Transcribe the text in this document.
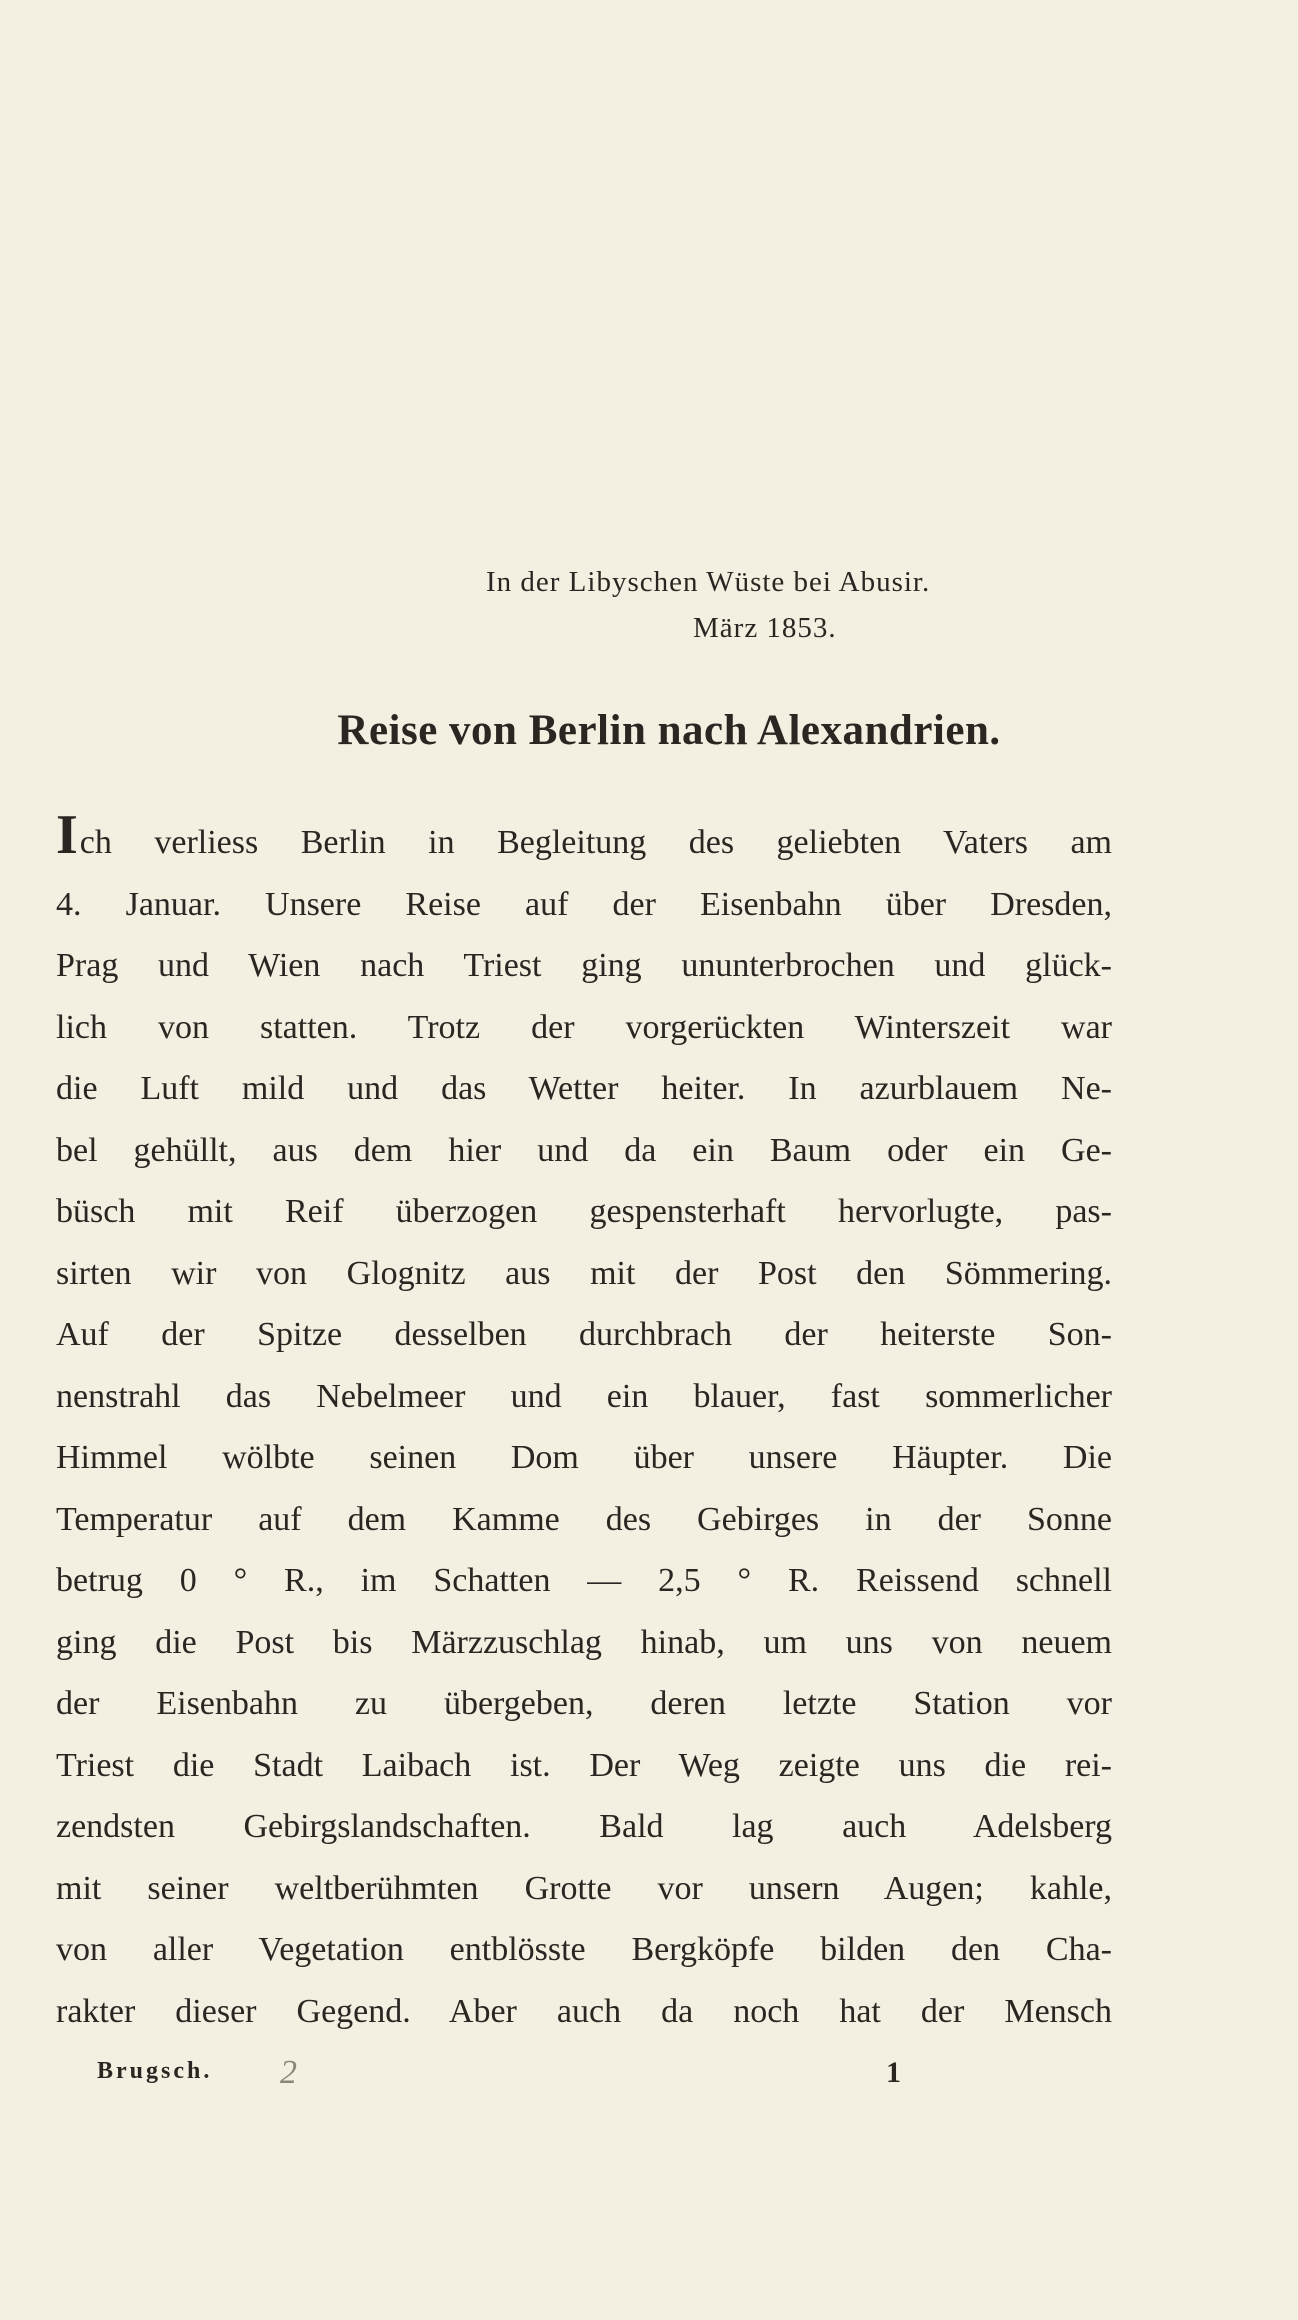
In der Libyschen Wüste bei Abusir.
März 1853.
Reise von Berlin nach Alexandrien.
Ich verliess Berlin in Begleitung des geliebten Vaters am
4. Januar. Unsere Reise auf der Eisenbahn über Dresden,
Prag und Wien nach Triest ging ununterbrochen und glück-
lich von statten. Trotz der vorgerückten Winterszeit war
die Luft mild und das Wetter heiter. In azurblauem Ne-
bel gehüllt, aus dem hier und da ein Baum oder ein Ge-
büsch mit Reif überzogen gespensterhaft hervorlugte, pas-
sirten wir von Glognitz aus mit der Post den Sömmering.
Auf der Spitze desselben durchbrach der heiterste Son-
nenstrahl das Nebelmeer und ein blauer, fast sommerlicher
Himmel wölbte seinen Dom über unsere Häupter. Die
Temperatur auf dem Kamme des Gebirges in der Sonne
betrug 0 ° R., im Schatten — 2,5 ° R. Reissend schnell
ging die Post bis Märzzuschlag hinab, um uns von neuem
der Eisenbahn zu übergeben, deren letzte Station vor
Triest die Stadt Laibach ist. Der Weg zeigte uns die rei-
zendsten Gebirgslandschaften. Bald lag auch Adelsberg
mit seiner weltberühmten Grotte vor unsern Augen; kahle,
von aller Vegetation entblösste Bergköpfe bilden den Cha-
rakter dieser Gegend. Aber auch da noch hat der Mensch
Brugsch. 2	1
